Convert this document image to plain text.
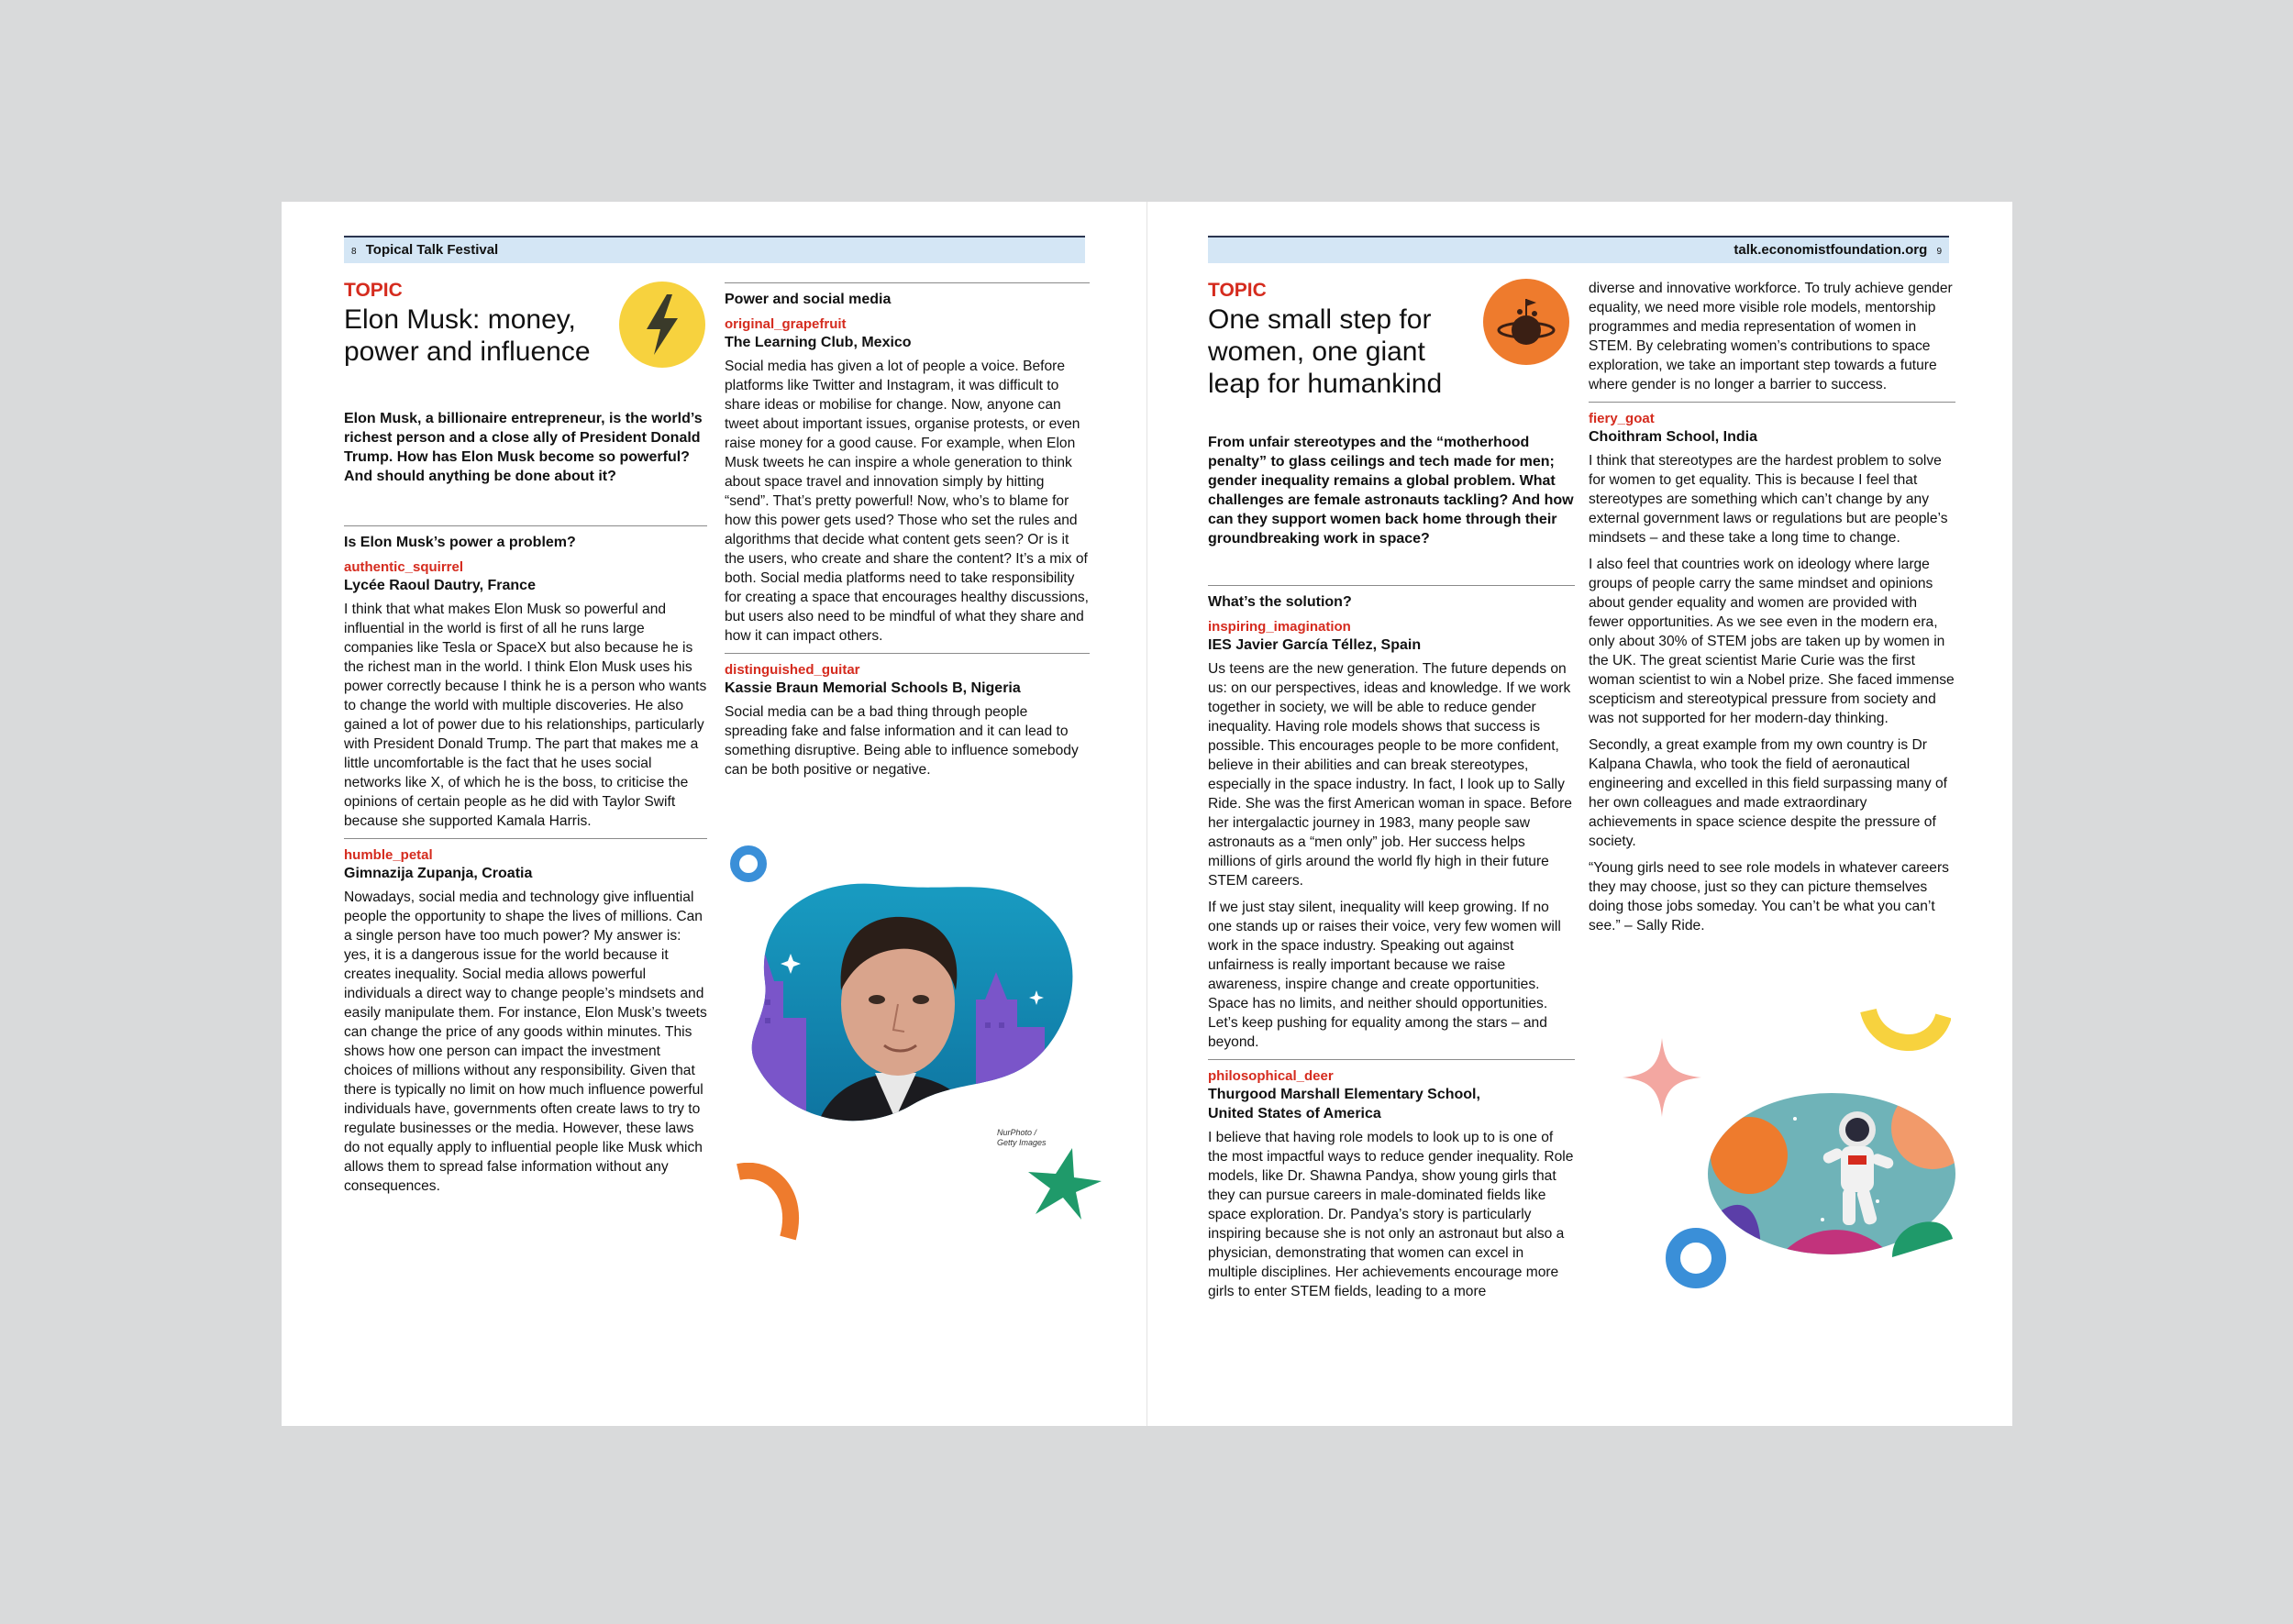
8 Topical Talk Festival
TOPIC
Elon Musk: money, power and influence
Elon Musk, a billionaire entrepreneur, is the world’s richest person and a close ally of President Donald Trump. How has Elon Musk become so powerful? And should anything be done about it?
Is Elon Musk’s power a problem?
authentic_squirrel
Lycée Raoul Dautry, France
I think that what makes Elon Musk so powerful and influential in the world is first of all he runs large companies like Tesla or SpaceX but also because he is the richest man in the world. I think Elon Musk uses his power correctly because I think he is a person who wants to change the world with multiple discoveries. He also gained a lot of power due to his relationships, particularly with President Donald Trump. The part that makes me a little uncomfortable is the fact that he uses social networks like X, of which he is the boss, to criticise the opinions of certain people as he did with Taylor Swift because she supported Kamala Harris.
humble_petal
Gimnazija Zupanja, Croatia
Nowadays, social media and technology give influential people the opportunity to shape the lives of millions. Can a single person have too much power? My answer is: yes, it is a dangerous issue for the world because it creates inequality. Social media allows powerful individuals a direct way to change people’s mindsets and easily manipulate them. For instance, Elon Musk’s tweets can change the price of any goods within minutes. This shows how one person can impact the investment choices of millions without any responsibility. Given that there is typically no limit on how much influence powerful individuals have, governments often create laws to try to regulate businesses or the media. However, these laws do not equally apply to influential people like Musk which allows them to spread false information without any consequences.
Power and social media
original_grapefruit
The Learning Club, Mexico
Social media has given a lot of people a voice. Before platforms like Twitter and Instagram, it was difficult to share ideas or mobilise for change. Now, anyone can tweet about important issues, organise protests, or even raise money for a good cause. For example, when Elon Musk tweets he can inspire a whole generation to think about space travel and innovation simply by hitting “send”. That’s pretty powerful! Now, who’s to blame for how this power gets used? Those who set the rules and algorithms that decide what content gets seen? Or is it the users, who create and share the content? It’s a mix of both. Social media platforms need to take responsibility for creating a space that encourages healthy discussions, but users also need to be mindful of what they share and how it can impact others.
distinguished_guitar
Kassie Braun Memorial Schools B, Nigeria
Social media can be a bad thing through people spreading fake and false information and it can lead to something disruptive. Being able to influence somebody can be both positive or negative.
NurPhoto /
Getty Images
talk.economistfoundation.org 9
TOPIC
One small step for women, one giant leap for humankind
From unfair stereotypes and the “motherhood penalty” to glass ceilings and tech made for men; gender inequality remains a global problem. What challenges are female astronauts tackling? And how can they support women back home through their groundbreaking work in space?
What’s the solution?
inspiring_imagination
IES Javier García Téllez, Spain
Us teens are the new generation. The future depends on us: on our perspectives, ideas and knowledge. If we work together in society, we will be able to reduce gender inequality. Having role models shows that success is possible. This encourages people to be more confident, believe in their abilities and can break stereotypes, especially in the space industry. In fact, I look up to Sally Ride. She was the first American woman in space. Before her intergalactic journey in 1983, many people saw astronauts as a “men only” job. Her success helps millions of girls around the world fly high in their future STEM careers.
If we just stay silent, inequality will keep growing. If no one stands up or raises their voice, very few women will work in the space industry. Speaking out against unfairness is really important because we raise awareness, inspire change and create opportunities. Space has no limits, and neither should opportunities. Let’s keep pushing for equality among the stars – and beyond.
philosophical_deer
Thurgood Marshall Elementary School,
United States of America
I believe that having role models to look up to is one of the most impactful ways to reduce gender inequality. Role models, like Dr. Shawna Pandya, show young girls that they can pursue careers in male-dominated fields like space exploration. Dr. Pandya’s story is particularly inspiring because she is not only an astronaut but also a physician, demonstrating that women can excel in multiple disciplines. Her achievements encourage more girls to enter STEM fields, leading to a more
diverse and innovative workforce. To truly achieve gender equality, we need more visible role models, mentorship programmes and media representation of women in STEM. By celebrating women’s contributions to space exploration, we take an important step towards a future where gender is no longer a barrier to success.
fiery_goat
Choithram School, India
I think that stereotypes are the hardest problem to solve for women to get equality. This is because I feel that stereotypes are something which can’t change by any external government laws or regulations but are people’s mindsets – and these take a long time to change.
I also feel that countries work on ideology where large groups of people carry the same mindset and opinions about gender equality and women are provided with fewer opportunities. As we see even in the modern era, only about 30% of STEM jobs are taken up by women in the UK. The great scientist Marie Curie was the first woman scientist to win a Nobel prize. She faced immense scepticism and stereotypical pressure from society and was not supported for her modern-day thinking.
Secondly, a great example from my own country is Dr Kalpana Chawla, who took the field of aeronautical engineering and excelled in this field surpassing many of her own colleagues and made extraordinary achievements in space science despite the pressure of society.
“Young girls need to see role models in whatever careers they may choose, just so they can picture themselves doing those jobs someday. You can’t be what you can’t see.” – Sally Ride.
